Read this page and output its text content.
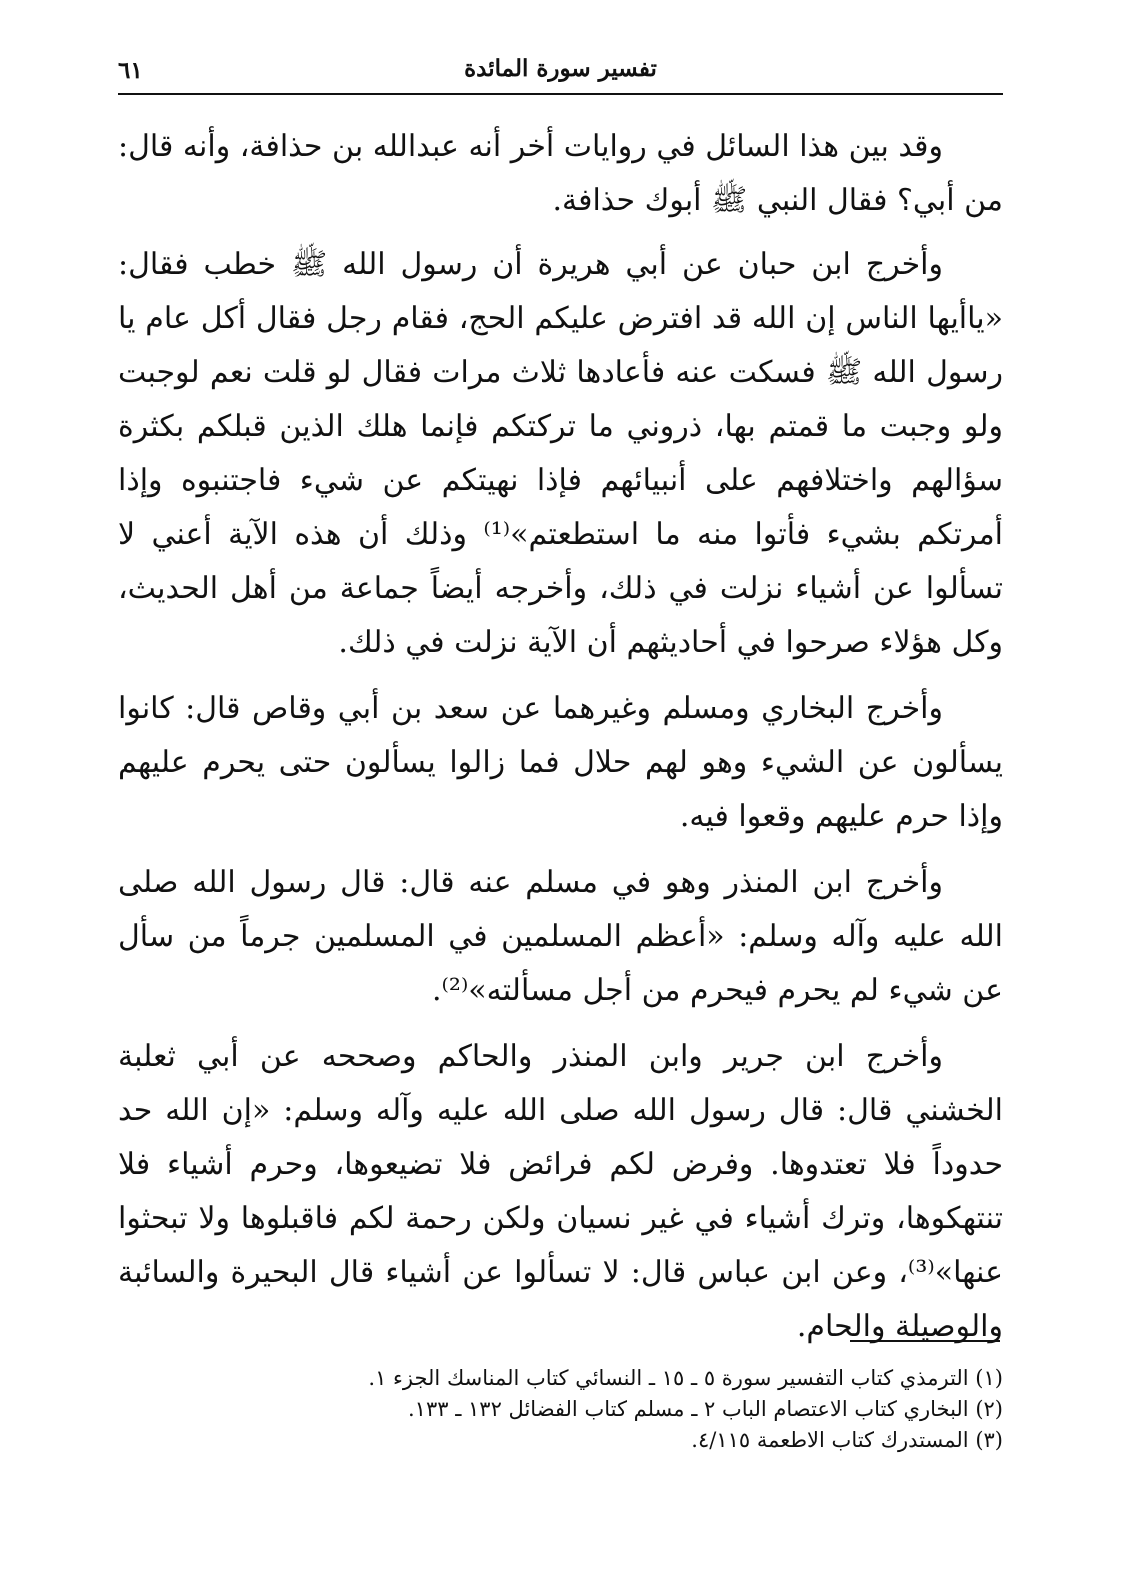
تفسير سورة المائدة
٦١

وقد بين هذا السائل في روايات أخر أنه عبدالله بن حذافة، وأنه قال: من أبي؟ فقال النبي ﷺ أبوك حذافة.

وأخرج ابن حبان عن أبي هريرة أن رسول الله ﷺ خطب فقال: «ياأيها الناس إن الله قد افترض عليكم الحج، فقام رجل فقال أكل عام يا رسول الله ﷺ فسكت عنه فأعادها ثلاث مرات فقال لو قلت نعم لوجبت ولو وجبت ما قمتم بها، ذروني ما تركتكم فإنما هلك الذين قبلكم بكثرة سؤالهم واختلافهم على أنبيائهم فإذا نهيتكم عن شيء فاجتنبوه وإذا أمرتكم بشيء فأتوا منه ما استطعتم»⁽¹⁾ وذلك أن هذه الآية أعني لا تسألوا عن أشياء نزلت في ذلك، وأخرجه أيضاً جماعة من أهل الحديث، وكل هؤلاء صرحوا في أحاديثهم أن الآية نزلت في ذلك.

وأخرج البخاري ومسلم وغيرهما عن سعد بن أبي وقاص قال: كانوا يسألون عن الشيء وهو لهم حلال فما زالوا يسألون حتى يحرم عليهم وإذا حرم عليهم وقعوا فيه.

وأخرج ابن المنذر وهو في مسلم عنه قال: قال رسول الله صلى الله عليه وآله وسلم: «أعظم المسلمين في المسلمين جرماً من سأل عن شيء لم يحرم فيحرم من أجل مسألته»⁽²⁾.

وأخرج ابن جرير وابن المنذر والحاكم وصححه عن أبي ثعلبة الخشني قال: قال رسول الله صلى الله عليه وآله وسلم: «إن الله حد حدوداً فلا تعتدوها. وفرض لكم فرائض فلا تضيعوها، وحرم أشياء فلا تنتهكوها، وترك أشياء في غير نسيان ولكن رحمة لكم فاقبلوها ولا تبحثوا عنها»⁽³⁾، وعن ابن عباس قال: لا تسألوا عن أشياء قال البحيرة والسائبة والوصيلة والحام.

(١) الترمذي كتاب التفسير سورة ٥ ـ ١٥ ـ النسائي كتاب المناسك الجزء ١.
(٢) البخاري كتاب الاعتصام الباب ٢ ـ مسلم كتاب الفضائل ١٣٢ ـ ١٣٣.
(٣) المستدرك كتاب الاطعمة ٤/١١٥.
